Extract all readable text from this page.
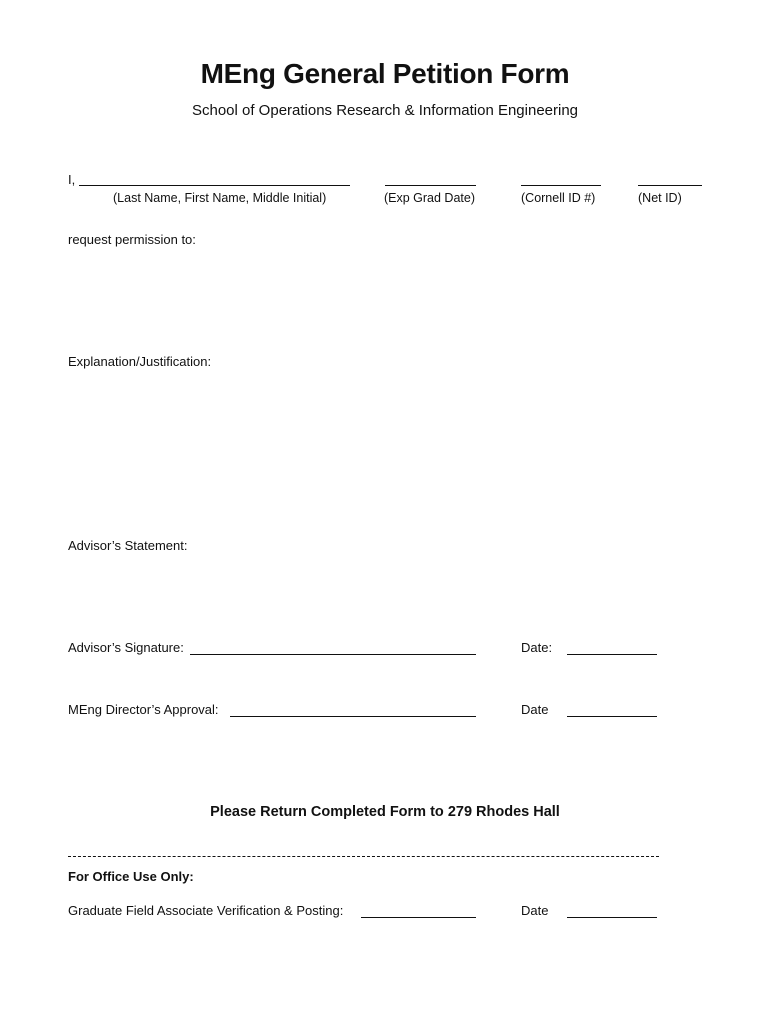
MEng General Petition Form
School of Operations Research & Information Engineering
I,
(Last Name, First Name, Middle Initial)	(Exp Grad Date)	(Cornell ID #)	(Net ID)
request permission to:
Explanation/Justification:
Advisor’s Statement:
Advisor’s Signature:	Date:
MEng Director’s Approval:	Date
Please Return Completed Form to 279 Rhodes Hall
For Office Use Only:
Graduate Field Associate Verification & Posting:	Date
